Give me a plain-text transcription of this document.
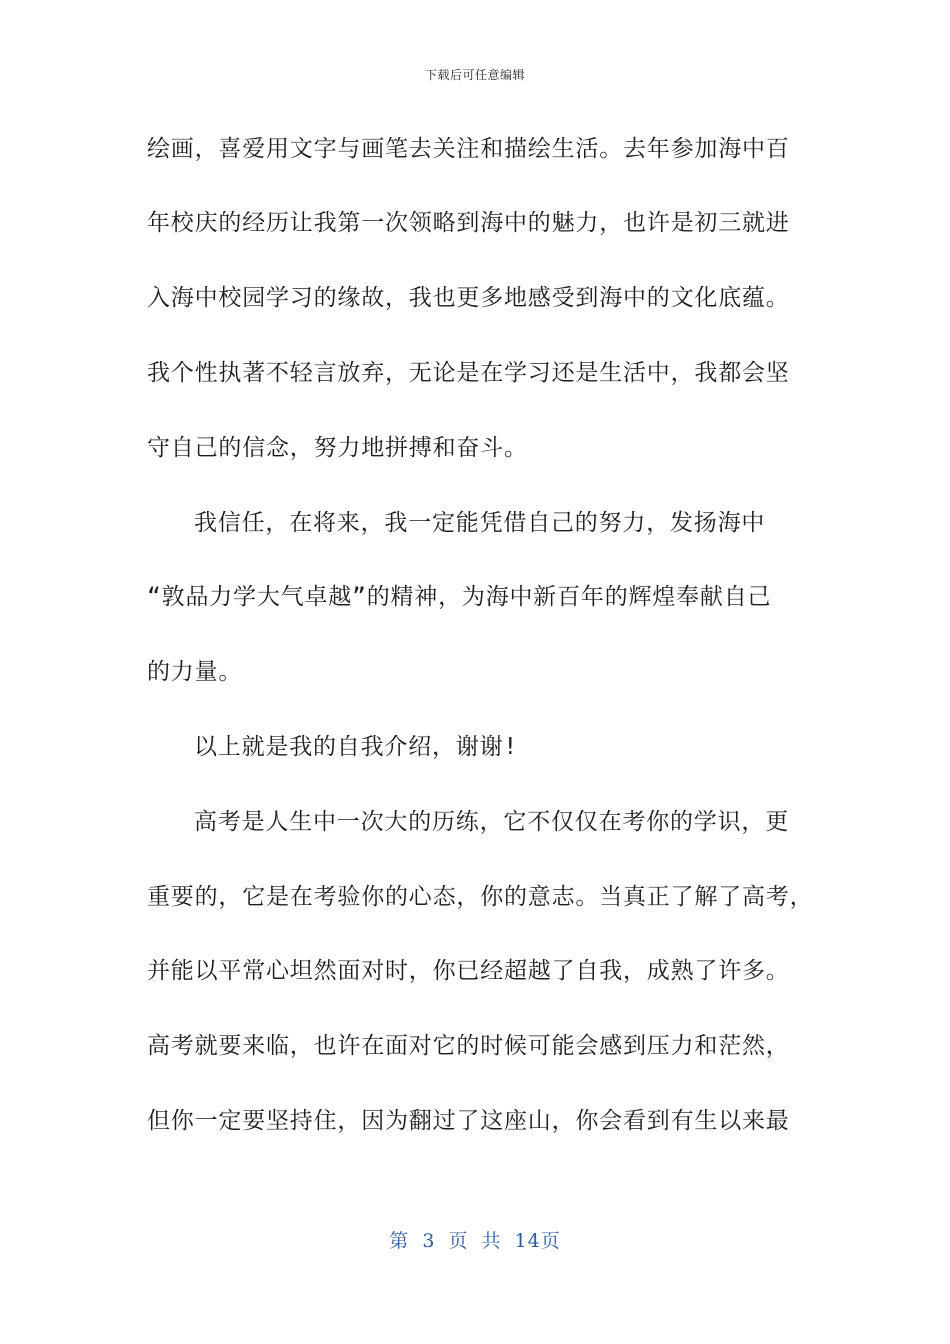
下载后可任意编辑
绘画，喜爱用文字与画笔去关注和描绘生活。去年参加海中百
年校庆的经历让我第一次领略到海中的魅力，也许是初三就进
入海中校园学习的缘故，我也更多地感受到海中的文化底蕴。
我个性执著不轻言放弃，无论是在学习还是生活中，我都会坚
守自己的信念，努力地拼搏和奋斗。
我信任，在将来，我一定能凭借自己的努力，发扬海中
“敦品力学大气卓越”的精神，为海中新百年的辉煌奉献自己
的力量。
以上就是我的自我介绍，谢谢!
高考是人生中一次大的历练，它不仅仅在考你的学识，更
重要的，它是在考验你的心态，你的意志。当真正了解了高考，
并能以平常心坦然面对时，你已经超越了自我，成熟了许多。
高考就要来临，也许在面对它的时候可能会感到压力和茫然，
但你一定要坚持住，因为翻过了这座山，你会看到有生以来最
第 3 页 共 14页
